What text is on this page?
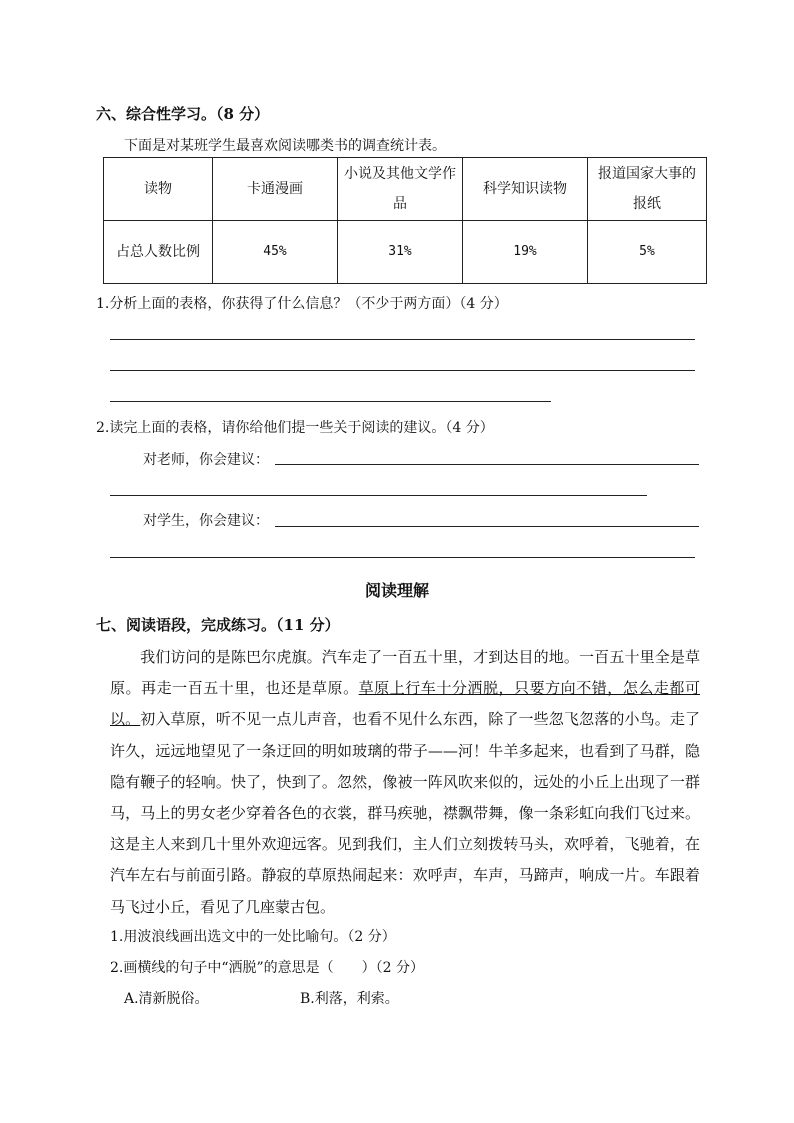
六、综合性学习。（8 分）
下面是对某班学生最喜欢阅读哪类书的调查统计表。
读物	卡通漫画	小说及其他文学作品	科学知识读物	报道国家大事的报纸
占总人数比例	45%	31%	19%	5%
1.分析上面的表格，你获得了什么信息？（不少于两方面）（4 分）
2.读完上面的表格，请你给他们提一些关于阅读的建议。（4 分）
对老师，你会建议：
对学生，你会建议：
阅读理解
七、阅读语段，完成练习。（11 分）
我们访问的是陈巴尔虎旗。汽车走了一百五十里，才到达目的地。一百五十里全是草原。再走一百五十里，也还是草原。草原上行车十分洒脱，只要方向不错，怎么走都可以。初入草原，听不见一点儿声音，也看不见什么东西，除了一些忽飞忽落的小鸟。走了许久，远远地望见了一条迂回的明如玻璃的带子——河！牛羊多起来，也看到了马群，隐隐有鞭子的轻响。快了，快到了。忽然，像被一阵风吹来似的，远处的小丘上出现了一群马，马上的男女老少穿着各色的衣裳，群马疾驰，襟飘带舞，像一条彩虹向我们飞过来。这是主人来到几十里外欢迎远客。见到我们，主人们立刻拨转马头，欢呼着，飞驰着，在汽车左右与前面引路。静寂的草原热闹起来：欢呼声，车声，马蹄声，响成一片。车跟着马飞过小丘，看见了几座蒙古包。
1.用波浪线画出选文中的一处比喻句。（2 分）
2.画横线的句子中“洒脱”的意思是（　　）（2 分）
A.清新脱俗。	B.利落，利索。
